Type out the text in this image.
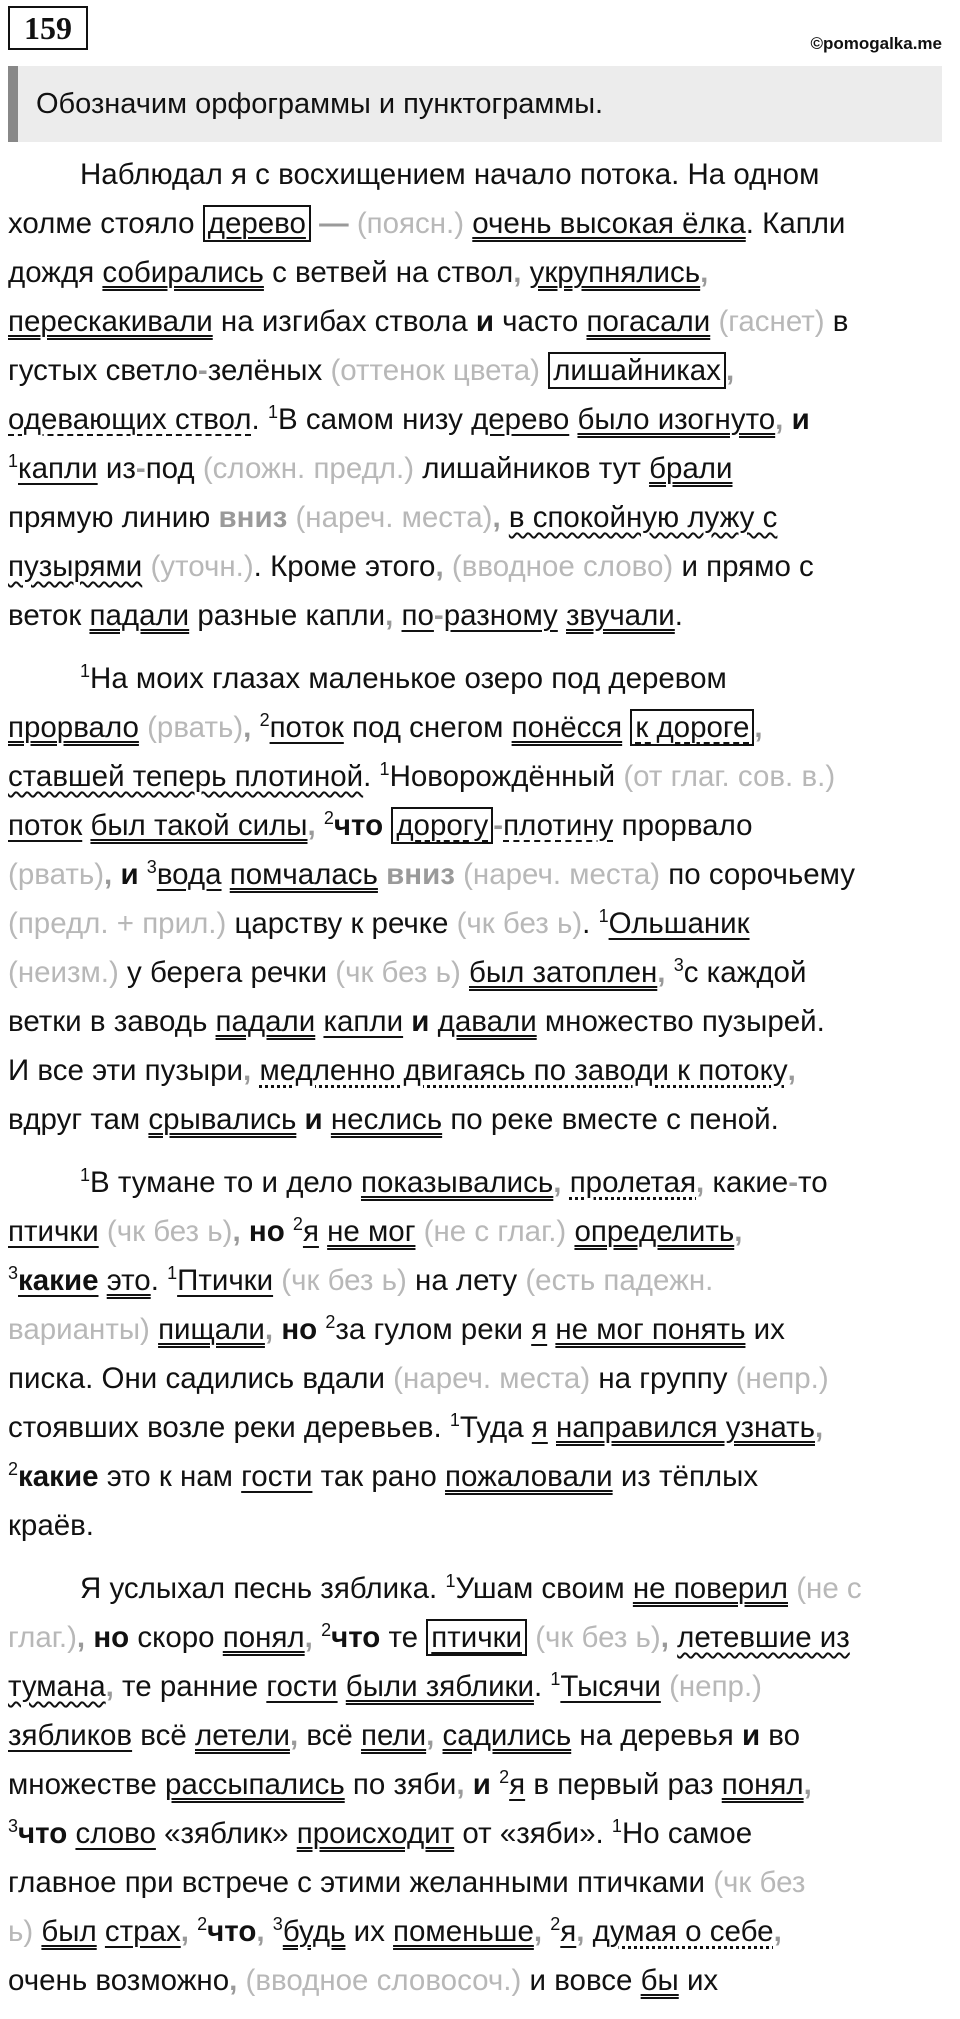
159	©pomogalka.me
Обозначим орфограммы и пунктограммы.
Наблюдал я с восхищением начало потока. На одном
холме стояло дерево — (поясн.) очень высокая ёлка. Капли
дождя собирались с ветвей на ствол, укрупнялись,
перескакивали на изгибах ствола и часто погасали (гаснет) в
густых светло-зелёных (оттенок цвета) лишайниках ,
одевающих ствол. $^1$В самом низу дерево было изогнуто, и
$^1$капли из-под (сложн. предл.) лишайников тут брали
прямую линию вниз (нареч. места), в спокойную лужу с
пузырями (уточн.). Кроме этого, (вводное слово) и прямо с
веток падали разные капли, по-разному звучали.
$^1$На моих глазах маленькое озеро под деревом
прорвало (рвать), $^2$поток под снегом понёсся к дороге ,
ставшей теперь плотиной. $^1$Новорождённый (от глаг. сов. в.)
поток был такой силы, $^2$что дорогу -плотину прорвало
(рвать), и $^3$вода помчалась вниз (нареч. места) по сорочьему
(предл. + прил.) царству к речке (чк без ь). $^1$Ольшаник
(неизм.) у берега речки (чк без ь) был затоплен, $^3$с каждой
ветки в заводь падали капли и давали множество пузырей.
И все эти пузыри, медленно двигаясь по заводи к потоку,
вдруг там срывались и неслись по реке вместе с пеной.
$^1$В тумане то и дело показывались, пролетая, какие-то
птички (чк без ь), но $^2$я не мог (не с глаг.) определить,
$^3$какие это. $^1$Птички (чк без ь) на лету (есть падежн.
варианты) пищали, но $^2$за гулом реки я не мог понять их
писка. Они садились вдали (нареч. места) на группу (непр.)
стоявших возле реки деревьев. $^1$Туда я направился узнать,
$^2$какие это к нам гости так рано пожаловали из тёплых
краёв.
Я услыхал песнь зяблика. $^1$Ушам своим не поверил (не с
глаг.), но скоро понял, $^2$что те птички (чк без ь), летевшие из
тумана, те ранние гости были зяблики. $^1$Тысячи (непр.)
зябликов всё летели, всё пели, садились на деревья и во
множестве рассыпались по зяби, и $^2$я в первый раз понял,
$^3$что слово «зяблик» происходит от «зяби». $^1$Но самое
главное при встрече с этими желанными птичками (чк без
ь) был страх, $^2$что, $^3$будь их поменьше, $^2$я, думая о себе,
очень возможно, (вводное словосоч.) и вовсе бы их
